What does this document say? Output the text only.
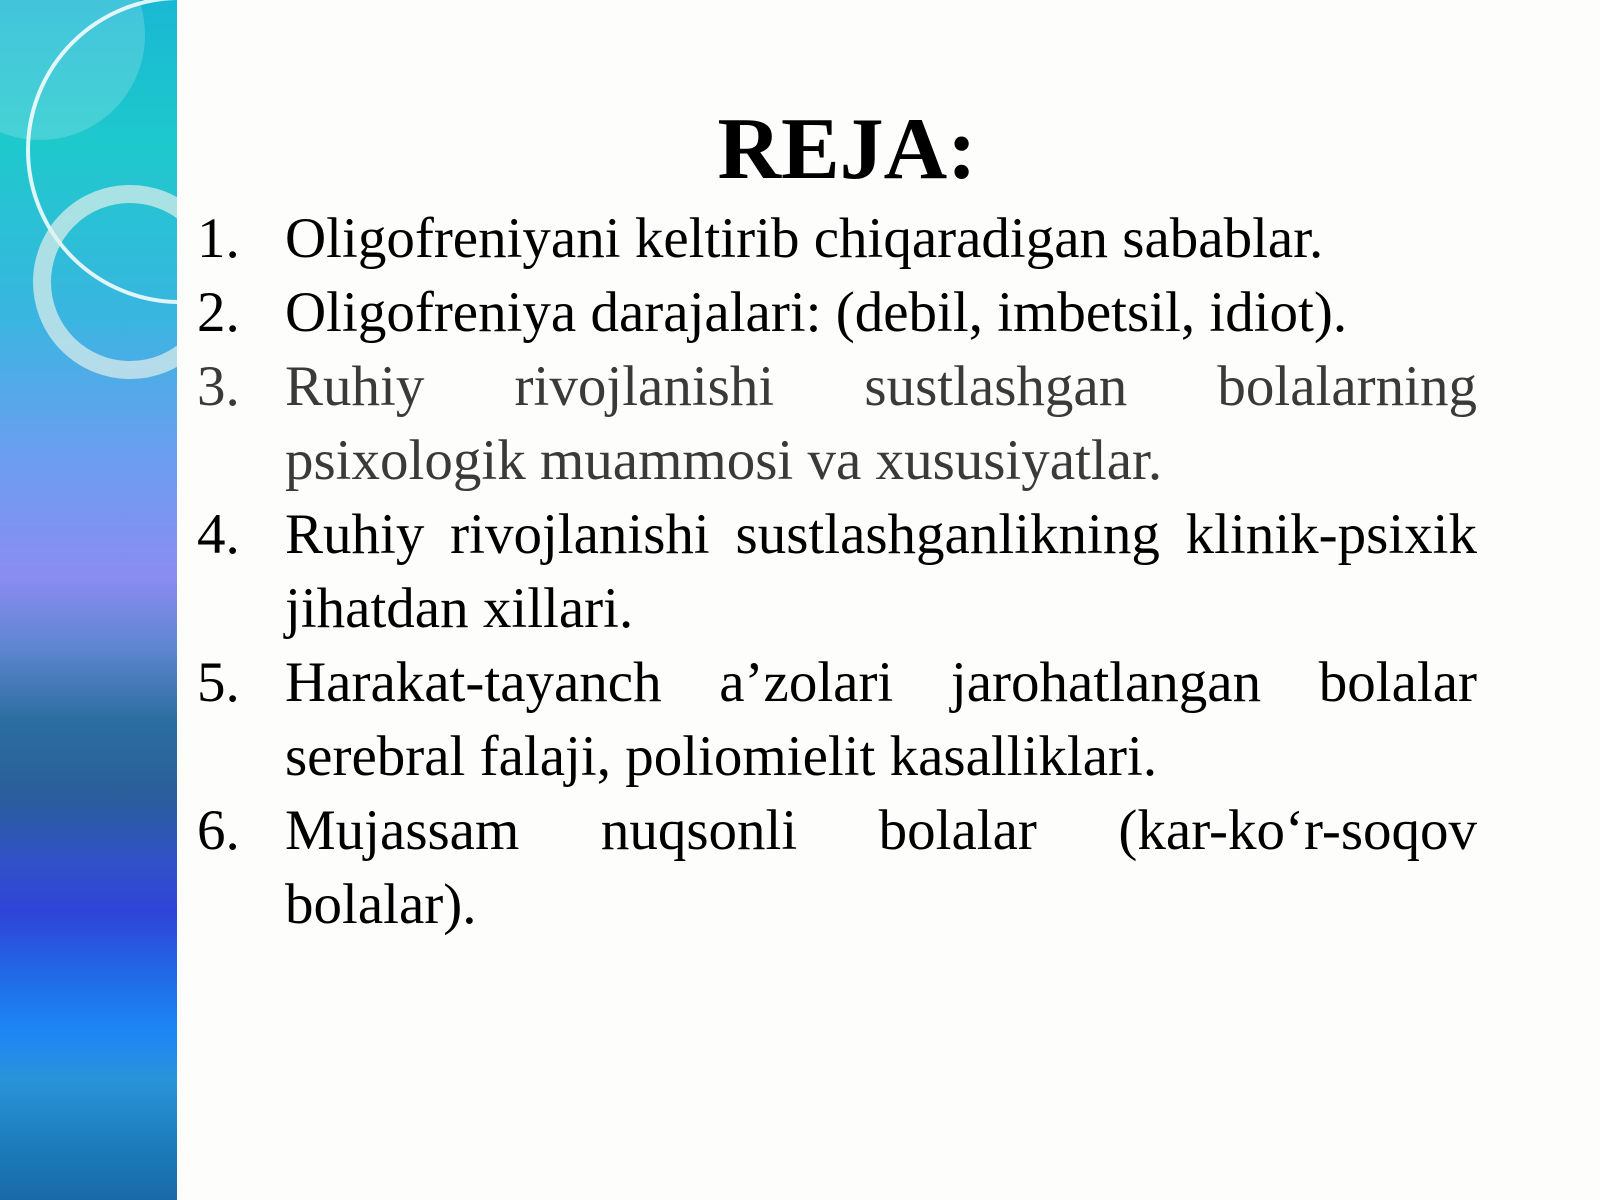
REJA:
1. Oligofreniyani keltirib chiqaradigan sabablar.
2. Oligofreniya darajalari: (debil, imbetsil, idiot).
3. Ruhiy rivojlanishi sustlashgan bolalarning psixologik muammosi va xususiyatlar.
4. Ruhiy rivojlanishi sustlashganlikning klinik-psixik jihatdan xillari.
5. Harakat-tayanch a’zolari jarohatlangan bolalar serebral falaji, poliomielit kasalliklari.
6. Mujassam nuqsonli bolalar (kar-ko‘r-soqov bolalar).
